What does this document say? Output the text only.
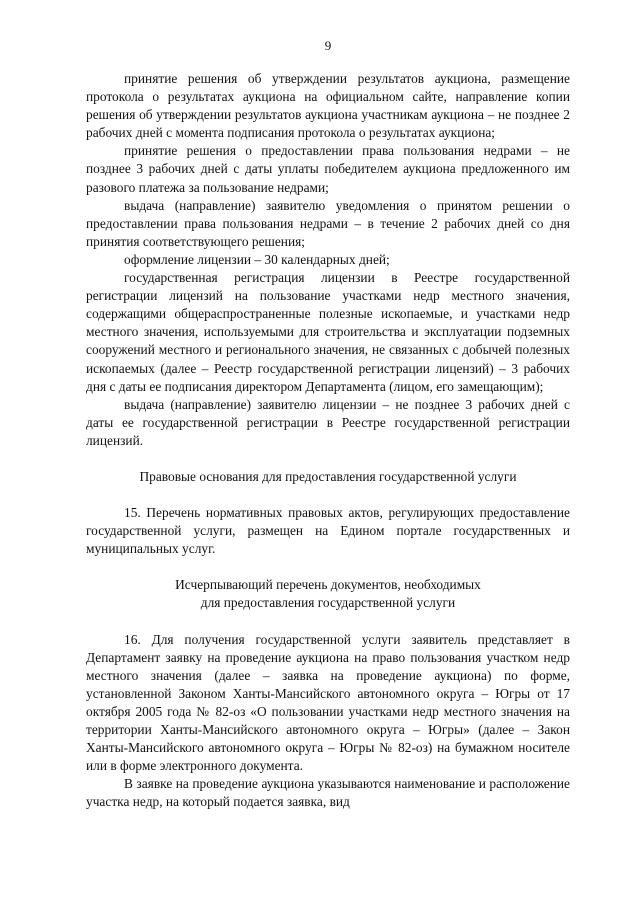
9

принятие решения об утверждении результатов аукциона, размещение протокола о результатах аукциона на официальном сайте, направление копии решения об утверждении результатов аукциона участникам аукциона – не позднее 2 рабочих дней с момента подписания протокола о результатах аукциона;

принятие решения о предоставлении права пользования недрами – не позднее 3 рабочих дней с даты уплаты победителем аукциона предложенного им разового платежа за пользование недрами;

выдача (направление) заявителю уведомления о принятом решении о предоставлении права пользования недрами – в течение 2 рабочих дней со дня принятия соответствующего решения;

оформление лицензии – 30 календарных дней;

государственная регистрация лицензии в Реестре государственной регистрации лицензий на пользование участками недр местного значения, содержащими общераспространенные полезные ископаемые, и участками недр местного значения, используемыми для строительства и эксплуатации подземных сооружений местного и регионального значения, не связанных с добычей полезных ископаемых (далее – Реестр государственной регистрации лицензий) – 3 рабочих дня с даты ее подписания директором Департамента (лицом, его замещающим);

выдача (направление) заявителю лицензии – не позднее 3 рабочих дней с даты ее государственной регистрации в Реестре государственной регистрации лицензий.

Правовые основания для предоставления государственной услуги

15. Перечень нормативных правовых актов, регулирующих предоставление государственной услуги, размещен на Едином портале государственных и муниципальных услуг.

Исчерпывающий перечень документов, необходимых

для предоставления государственной услуги

16. Для получения государственной услуги заявитель представляет в Департамент заявку на проведение аукциона на право пользования участком недр местного значения (далее – заявка на проведение аукциона) по форме, установленной Законом Ханты-Мансийского автономного округа – Югры от 17 октября 2005 года № 82-оз «О пользовании участками недр местного значения на территории Ханты-Мансийского автономного округа – Югры» (далее – Закон Ханты-Мансийского автономного округа – Югры № 82-оз) на бумажном носителе или в форме электронного документа.

В заявке на проведение аукциона указываются наименование и расположение участка недр, на который подается заявка, вид
